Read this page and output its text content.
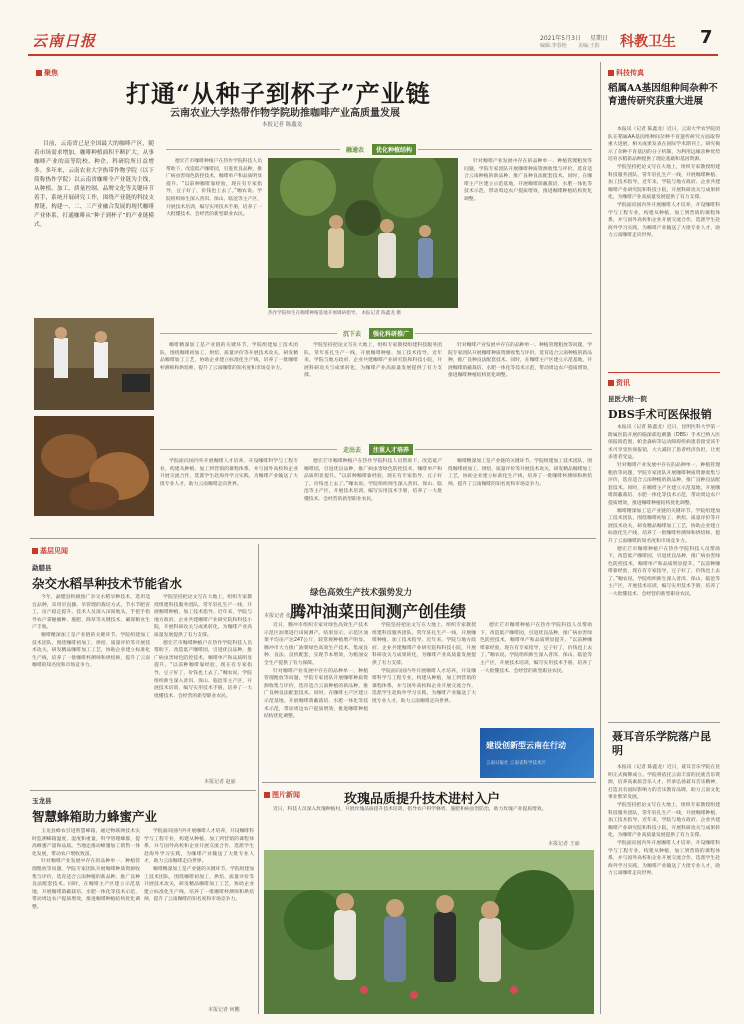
云南日报	2021年5月3日 星期日
编辑:李春艳 美编:王阳 科教卫生 7
聚焦
打通“从种子到杯子”产业链
云南农业大学热带作物学院助推咖啡产业高质量发展
本报记者 陈鑫龙

目前，云南省已是全国最大的咖啡产区，随着市场需求增加，咖啡种植面积不断扩大，从事咖啡产业的高等院校、种企、科研院所日益增多。多年来，云南农业大学热带作物学院（以下简称热作学院）以云南省咖啡全产业链为主线，从种植、加工、质量控制、品牌文化等关键环节着手，系统开展研究工作，围绕产业链的科技支撑链，构建一、二、三产业融合发展的现代咖啡产业体系，打通咖啡从“种子到杯子”的产业链模式。

融通农	优化种植结构

德宏芒市咖啡种植户在热作学院科技人员帮助下，改造低产咖啡园，引进优良品种，推广病虫害绿色防控技术，咖啡单产和品质明显提升。“以前种咖啡靠经验，现在有专家指导，豆子好了，价钱也上去了。”咖农说。学院组织师生深入普洱、保山、临沧等主产区，开展技术培训，编写实用技术手册，培养了一大批懂技术、会经营的新型职业农民。

热作学院师生在咖啡种植基地开展调研指导。 本报记者 陈鑫龙 摄

针对咖啡产业发展中存在的品种单一、种植管理粗放等问题，学院专家团队开展咖啡种质资源收集与评价，选育适合云南种植的新品种，推广良种良法配套技术。同时，在咖啡主产区建立示范基地，开展咖啡荫蔽栽培、水肥一体化等技术示范，带动周边农户提质增效，推进咖啡种植结构优化调整。

沉下去	强化科研推广

咖啡精深加工是产业链的关键环节。学院组建加工技术团队，围绕咖啡初加工、烘焙、质量评价等开展技术攻关，研发精品咖啡加工工艺，协助企业建立标准化生产线，培养了一批咖啡杯测师和烘焙师，提升了云南咖啡的知名度和市场竞争力。

学院坚持把论文写在大地上，组织专家教授组建科技服务团队，常年驻扎生产一线，开展咖啡种植、加工技术指导。近年来，学院与地方政府、企业共建咖啡产业研究院和科技小院，开展科研攻关与成果转化，为咖啡产业高质量发展提供了有力支撑。

针对咖啡产业发展中存在的品种单一、种植管理粗放等问题，学院专家团队开展咖啡种质资源收集与评价，选育适合云南种植的新品种，推广良种良法配套技术。同时，在咖啡主产区建立示范基地，开展咖啡荫蔽栽培、水肥一体化等技术示范，带动周边农户提质增效，推进咖啡种植结构优化调整。

走出去	注重人才培养

学院面向国内外开展咖啡人才培养，开设咖啡科学与工程专业，构建从种植、加工到营销的课程体系，并与国外高校和企业开展交流合作，选派学生赴海外学习实践，为咖啡产业输送了大批专业人才，助力云南咖啡走向世界。

德宏芒市咖啡种植户在热作学院科技人员帮助下，改造低产咖啡园，引进优良品种，推广病虫害绿色防控技术，咖啡单产和品质明显提升。“以前种咖啡靠经验，现在有专家指导，豆子好了，价钱也上去了。”咖农说。学院组织师生深入普洱、保山、临沧等主产区，开展技术培训，编写实用技术手册，培养了一大批懂技术、会经营的新型职业农民。

咖啡精深加工是产业链的关键环节。学院组建加工技术团队，围绕咖啡初加工、烘焙、质量评价等开展技术攻关，研发精品咖啡加工工艺，协助企业建立标准化生产线，培养了一批咖啡杯测师和烘焙师，提升了云南咖啡的知名度和市场竞争力。

科技传真
稻属AA基因组种间杂种不育遗传研究获重大进展

本报讯（记者 陈鑫龙）近日，云南大学农学院团队在稻属AA基因组种间杂种不育遗传研究方面取得重大进展，相关成果发表在国际学术期刊上。研究揭示了杂种不育基因的分子机制，为利用远缘杂种优势培育水稻新品种提供了理论基础和基因资源。

学院坚持把论文写在大地上，组织专家教授组建科技服务团队，常年驻扎生产一线，开展咖啡种植、加工技术指导。近年来，学院与地方政府、企业共建咖啡产业研究院和科技小院，开展科研攻关与成果转化，为咖啡产业高质量发展提供了有力支撑。

学院面向国内外开展咖啡人才培养，开设咖啡科学与工程专业，构建从种植、加工到营销的课程体系，并与国外高校和企业开展交流合作，选派学生赴海外学习实践，为咖啡产业输送了大批专业人才，助力云南咖啡走向世界。

资讯
昆医大附一院
DBS手术可医保报销

本报讯（记者 陈鑫龙）近日，昆明医科大学第一附属医院开展的脑深部电刺激（DBS）手术已纳入医保报销范围，帕金森病等运动障碍疾病患者接受该手术可享受医保报销，大大减轻了患者经济负担，让更多患者受益。

针对咖啡产业发展中存在的品种单一、种植管理粗放等问题，学院专家团队开展咖啡种质资源收集与评价，选育适合云南种植的新品种，推广良种良法配套技术。同时，在咖啡主产区建立示范基地，开展咖啡荫蔽栽培、水肥一体化等技术示范，带动周边农户提质增效，推进咖啡种植结构优化调整。

咖啡精深加工是产业链的关键环节。学院组建加工技术团队，围绕咖啡初加工、烘焙、质量评价等开展技术攻关，研发精品咖啡加工工艺，协助企业建立标准化生产线，培养了一批咖啡杯测师和烘焙师，提升了云南咖啡的知名度和市场竞争力。

德宏芒市咖啡种植户在热作学院科技人员帮助下，改造低产咖啡园，引进优良品种，推广病虫害绿色防控技术，咖啡单产和品质明显提升。“以前种咖啡靠经验，现在有专家指导，豆子好了，价钱也上去了。”咖农说。学院组织师生深入普洱、保山、临沧等主产区，开展技术培训，编写实用技术手册，培养了一大批懂技术、会经营的新型职业农民。

聂耳音乐学院落户昆明

本报讯（记者 陈鑫龙）近日，聂耳音乐学院在昆明正式揭牌成立。学院将依托云南丰富的民族音乐资源，培养高素质音乐人才，传承弘扬聂耳音乐精神，打造具有国际影响力的音乐教育品牌，助力云南文化事业繁荣发展。

学院坚持把论文写在大地上，组织专家教授组建科技服务团队，常年驻扎生产一线，开展咖啡种植、加工技术指导。近年来，学院与地方政府、企业共建咖啡产业研究院和科技小院，开展科研攻关与成果转化，为咖啡产业高质量发展提供了有力支撑。

学院面向国内外开展咖啡人才培养，开设咖啡科学与工程专业，构建从种植、加工到营销的课程体系，并与国外高校和企业开展交流合作，选派学生赴海外学习实践，为咖啡产业输送了大批专业人才，助力云南咖啡走向世界。

基层见闻
勐腊县
杂交水稻旱种技术节能省水

今年，勐腊县积极推广杂交水稻旱种技术，选用适宜品种，采用旱直播、旱管理的栽培方式，节水节肥省工，亩产稳定提升。技术人员深入田间地头，手把手指导农户掌握播种、施肥、除草等关键技术，确保粮食生产丰收。

咖啡精深加工是产业链的关键环节。学院组建加工技术团队，围绕咖啡初加工、烘焙、质量评价等开展技术攻关，研发精品咖啡加工工艺，协助企业建立标准化生产线，培养了一批咖啡杯测师和烘焙师，提升了云南咖啡的知名度和市场竞争力。

学院坚持把论文写在大地上，组织专家教授组建科技服务团队，常年驻扎生产一线，开展咖啡种植、加工技术指导。近年来，学院与地方政府、企业共建咖啡产业研究院和科技小院，开展科研攻关与成果转化，为咖啡产业高质量发展提供了有力支撑。

德宏芒市咖啡种植户在热作学院科技人员帮助下，改造低产咖啡园，引进优良品种，推广病虫害绿色防控技术，咖啡单产和品质明显提升。“以前种咖啡靠经验，现在有专家指导，豆子好了，价钱也上去了。”咖农说。学院组织师生深入普洱、保山、临沧等主产区，开展技术培训，编写实用技术手册，培养了一大批懂技术、会经营的新型职业农民。

本报记者 赵丽
玉龙县
智慧蜂箱助力蜂蜜产业

玉龙县蜂农引进智慧蜂箱，通过物联网技术实时监测蜂箱温度、湿度和重量，科学管理蜂群，提高蜂蜜产量和品质。当地还推动蜂蜜加工销售一体化发展，带动农户增收致富。

针对咖啡产业发展中存在的品种单一、种植管理粗放等问题，学院专家团队开展咖啡种质资源收集与评价，选育适合云南种植的新品种，推广良种良法配套技术。同时，在咖啡主产区建立示范基地，开展咖啡荫蔽栽培、水肥一体化等技术示范，带动周边农户提质增效，推进咖啡种植结构优化调整。

学院面向国内外开展咖啡人才培养，开设咖啡科学与工程专业，构建从种植、加工到营销的课程体系，并与国外高校和企业开展交流合作，选派学生赴海外学习实践，为咖啡产业输送了大批专业人才，助力云南咖啡走向世界。

咖啡精深加工是产业链的关键环节。学院组建加工技术团队，围绕咖啡初加工、烘焙、质量评价等开展技术攻关，研发精品咖啡加工工艺，协助企业建立标准化生产线，培养了一批咖啡杯测师和烘焙师，提升了云南咖啡的知名度和市场竞争力。

本报记者 何鹏
绿色高效生产技术强势发力
腾冲油菜田间测产创佳绩

近日，腾冲市组织专家对绿色高效生产技术示范区油菜进行田间测产。结果显示，示范区油菜平均亩产达247公斤，较常规种植增产明显。腾冲市大力推广油菜绿色高效生产技术，集成良种、良法、良机配套，实现节本增效，为粮油安全生产提供了有力保障。

针对咖啡产业发展中存在的品种单一、种植管理粗放等问题，学院专家团队开展咖啡种质资源收集与评价，选育适合云南种植的新品种，推广良种良法配套技术。同时，在咖啡主产区建立示范基地，开展咖啡荫蔽栽培、水肥一体化等技术示范，带动周边农户提质增效，推进咖啡种植结构优化调整。

学院坚持把论文写在大地上，组织专家教授组建科技服务团队，常年驻扎生产一线，开展咖啡种植、加工技术指导。近年来，学院与地方政府、企业共建咖啡产业研究院和科技小院，开展科研攻关与成果转化，为咖啡产业高质量发展提供了有力支撑。

学院面向国内外开展咖啡人才培养，开设咖啡科学与工程专业，构建从种植、加工到营销的课程体系，并与国外高校和企业开展交流合作，选派学生赴海外学习实践，为咖啡产业输送了大批专业人才，助力云南咖啡走向世界。

德宏芒市咖啡种植户在热作学院科技人员帮助下，改造低产咖啡园，引进优良品种，推广病虫害绿色防控技术，咖啡单产和品质明显提升。“以前种咖啡靠经验，现在有专家指导，豆子好了，价钱也上去了。”咖农说。学院组织师生深入普洱、保山、临沧等主产区，开展技术培训，编写实用技术手册，培养了一大批懂技术、会经营的新型职业农民。

本报记者 张云芳
建设创新型云南在行动
云南日报社 云南省科学技术厅
图片新闻	玫瑰品质提升技术进村入户

近日，科技人员深入玫瑰种植村，开展玫瑰品质提升技术培训，指导农户科学修剪、施肥和病虫害防治，助力玫瑰产业提质增效。

本报记者 王丽
